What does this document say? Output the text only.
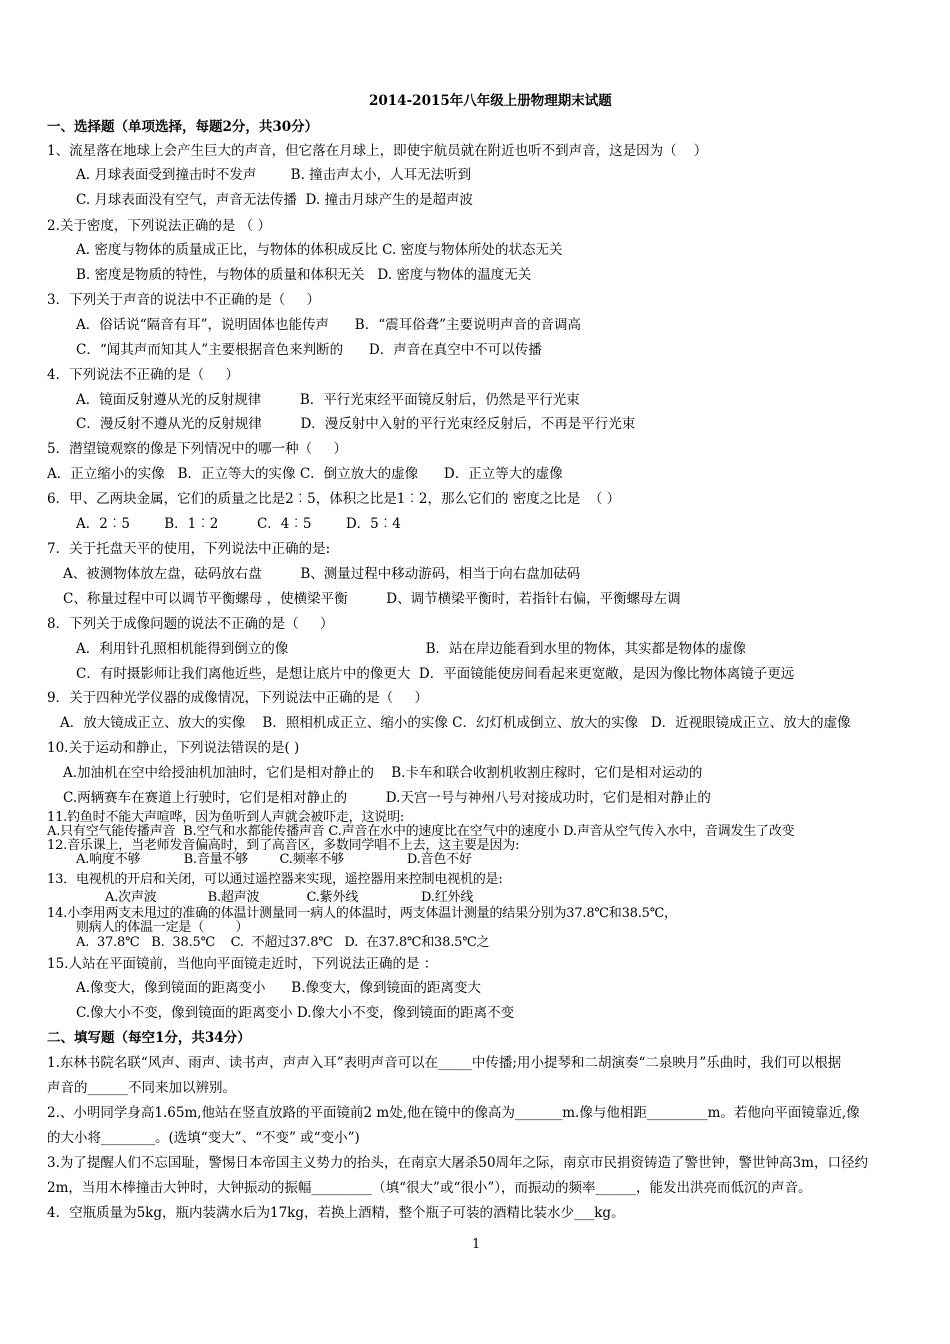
2014-2015年八年级上册物理期末试题
一、选择题（单项选择，每题2分，共30分）
1、流星落在地球上会产生巨大的声音，但它落在月球上，即使宇航员就在附近也听不到声音，这是因为（    ）
A. 月球表面受到撞击时不发声        B. 撞击声太小，人耳无法听到
C. 月球表面没有空气，声音无法传播  D. 撞击月球产生的是超声波
2.关于密度，下列说法正确的是 （ ）
A. 密度与物体的质量成正比，与物体的体积成反比 C. 密度与物体所处的状态无关
B. 密度是物质的特性，与物体的质量和体积无关   D. 密度与物体的温度无关
3．下列关于声音的说法中不正确的是（     ）
A．俗话说“隔音有耳”，说明固体也能传声      B．“震耳俗聋”主要说明声音的音调高
C．“闻其声而知其人”主要根据音色来判断的      D．声音在真空中不可以传播
4．下列说法不正确的是（     ）
A．镜面反射遵从光的反射规律         B．平行光束经平面镜反射后，仍然是平行光束
C．漫反射不遵从光的反射规律         D．漫反射中入射的平行光束经反射后，不再是平行光束
5．潜望镜观察的像是下列情况中的哪一种（     ）
A．正立缩小的实像   B．正立等大的实像 C．倒立放大的虚像      D．正立等大的虚像
6．甲、乙两块金属，它们的质量之比是2︰5，体积之比是1︰2，那么它们的 密度之比是  （ ）
A．2︰5        B．1︰2         C．4︰5        D．5︰4
7．关于托盘天平的使用，下列说法中正确的是:
A、被测物体放左盘，砝码放右盘         B、测量过程中移动游码，相当于向右盘加砝码
C、称量过程中可以调节平衡螺母 ，使横梁平衡         D、调节横梁平衡时，若指针右偏，平衡螺母左调
8．下列关于成像问题的说法不正确的是（     ）
A．利用针孔照相机能得到倒立的像                                B．站在岸边能看到水里的物体，其实都是物体的虚像
C．有时摄影师让我们离他近些，是想让底片中的像更大  D．平面镜能使房间看起来更宽敞，是因为像比物体离镜子更远
9．关于四种光学仪器的成像情况，下列说法中正确的是（     ）
A．放大镜成正立、放大的实像    B．照相机成正立、缩小的实像 C．幻灯机成倒立、放大的实像   D．近视眼镜成正立、放大的虚像
10.关于运动和静止，下列说法错误的是( )
A.加油机在空中给授油机加油时，它们是相对静止的    B.卡车和联合收割机收割庄稼时，它们是相对运动的
C.两辆赛车在赛道上行驶时，它们是相对静止的         D.天宫一号与神州八号对接成功时，它们是相对静止的
11.钓鱼时不能大声喧哗，因为鱼听到人声就会被吓走，这说明:
A.只有空气能传播声音  B.空气和水都能传播声音 C.声音在水中的速度比在空气中的速度小 D.声音从空气传入水中，音调发生了改变
12.音乐课上，当老师发音偏高时，到了高音区，多数同学唱不上去，这主要是因为:
A.响度不够           B.音量不够        C.频率不够                D.音色不好
13．电视机的开启和关闭，可以通过遥控器来实现，遥控器用来控制电视机的是:
A.次声波             B.超声波            C.紫外线                D.红外线
14.小李用两支未甩过的准确的体温计测量同一病人的体温时，两支体温计测量的结果分别为37.8℃和38.5℃，
则病人的体温一定是（        ）
A.  37.8℃   B.  38.5℃    C.  不超过37.8℃   D.  在37.8℃和38.5℃之
15.人站在平面镜前，当他向平面镜走近时，下列说法正确的是 ：
A.像变大，像到镜面的距离变小      B.像变大，像到镜面的距离变大
C.像大小不变，像到镜面的距离变小 D.像大小不变，像到镜面的距离不变
二、填写题（每空1分，共34分）
1.东林书院名联“风声、雨声、读书声，声声入耳”表明声音可以在_____中传播;用小提琴和二胡演奏“二泉映月”乐曲时，我们可以根据
声音的______不同来加以辨别。
2.、小明同学身高1.65m,他站在竖直放路的平面镜前2 m处,他在镜中的像高为_______m.像与他相距_________m。若他向平面镜靠近,像
的大小将________。(选填“变大”、“不变” 或“变小”)
3.为了提醒人们不忘国耻，警惕日本帝国主义势力的抬头，在南京大屠杀50周年之际，南京市民捐资铸造了警世钟，警世钟高3m，口径约
2m，当用木棒撞击大钟时，大钟振动的振幅_________（填“很大”或“很小”），而振动的频率______，能发出洪亮而低沉的声音。
4．空瓶质量为5kg，瓶内装满水后为17kg，若换上酒精，整个瓶子可装的酒精比装水少___kg。
1
